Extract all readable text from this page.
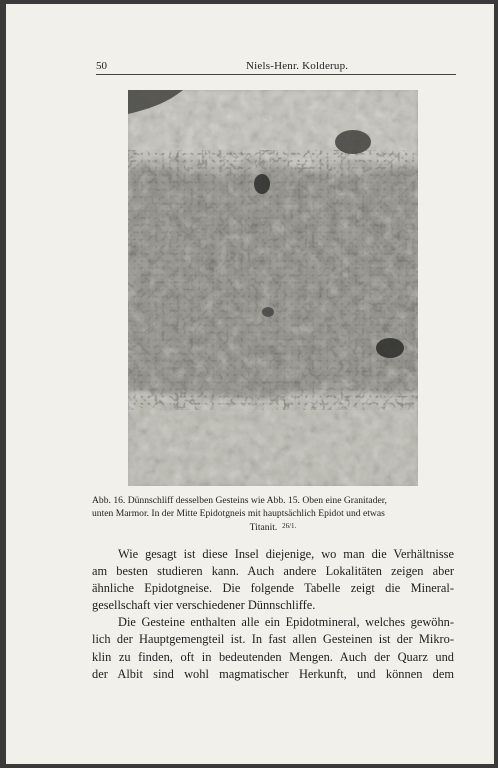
50	Niels-Henr. Kolderup.
Abb. 16. Dünnschliff desselben Gesteins wie Abb. 15. Oben eine Granitader,
unten Marmor. In der Mitte Epidotgneis mit hauptsächlich Epidot und etwas
Titanit. $^{26/1.}$

Wie gesagt ist diese Insel diejenige, wo man die Verhältnisse
am besten studieren kann. Auch andere Lokalitäten zeigen aber
ähnliche Epidotgneise. Die folgende Tabelle zeigt die Mineral-
gesellschaft vier verschiedener Dünnschliffe.

Die Gesteine enthalten alle ein Epidotmineral, welches gewöhn-
lich der Hauptgemengteil ist. In fast allen Gesteinen ist der Mikro-
klin zu finden, oft in bedeutenden Mengen. Auch der Quarz und
der Albit sind wohl magmatischer Herkunft, und können dem
